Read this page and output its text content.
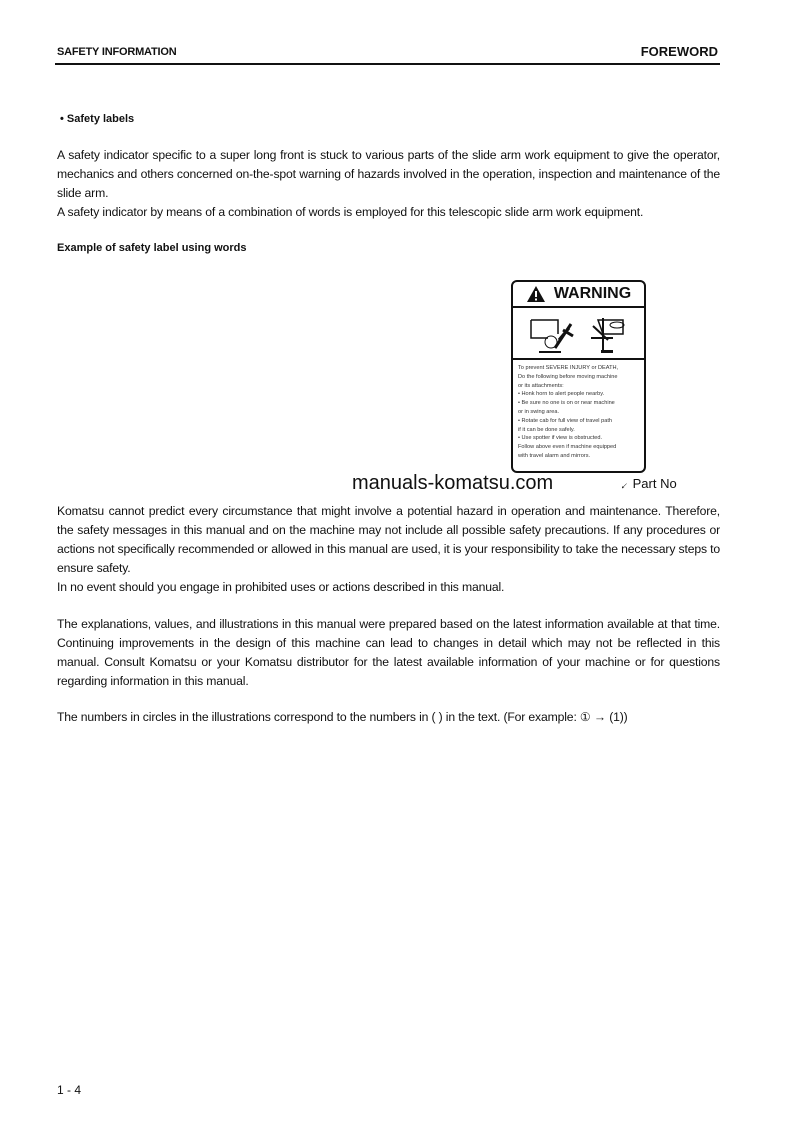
SAFETY INFORMATION	FOREWORD
• Safety labels

A safety indicator specific to a super long front is stuck to various parts of the slide arm work equipment to give the operator, mechanics and others concerned on-the-spot warning of hazards involved in the operation, inspection and maintenance of the slide arm.

A safety indicator by means of a combination of words is employed for this telescopic slide arm work equipment.

Example of safety label using words
WARNING
To prevent SEVERE INJURY or DEATH,
Do the following before moving machine
or its attachments:
• Honk horn to alert people nearby.
• Be sure no one is on or near machine
or in swing area.
• Rotate cab for full view of travel path
if it can be done safely.
• Use spotter if view is obstructed.
Follow above even if machine equipped
with travel alarm and mirrors.
manuals-komatsu.com	← Part No

Komatsu cannot predict every circumstance that might involve a potential hazard in operation and maintenance. Therefore, the safety messages in this manual and on the machine may not include all possible safety precautions. If any procedures or actions not specifically recommended or allowed in this manual are used, it is your responsibility to take the necessary steps to ensure safety.

In no event should you engage in prohibited uses or actions described in this manual.

The explanations, values, and illustrations in this manual were prepared based on the latest information available at that time. Continuing improvements in the design of this machine can lead to changes in detail which may not be reflected in this manual. Consult Komatsu or your Komatsu distributor for the latest available information of your machine or for questions regarding information in this manual.

The numbers in circles in the illustrations correspond to the numbers in ( ) in the text. (For example: ① → (1))

1 - 4
